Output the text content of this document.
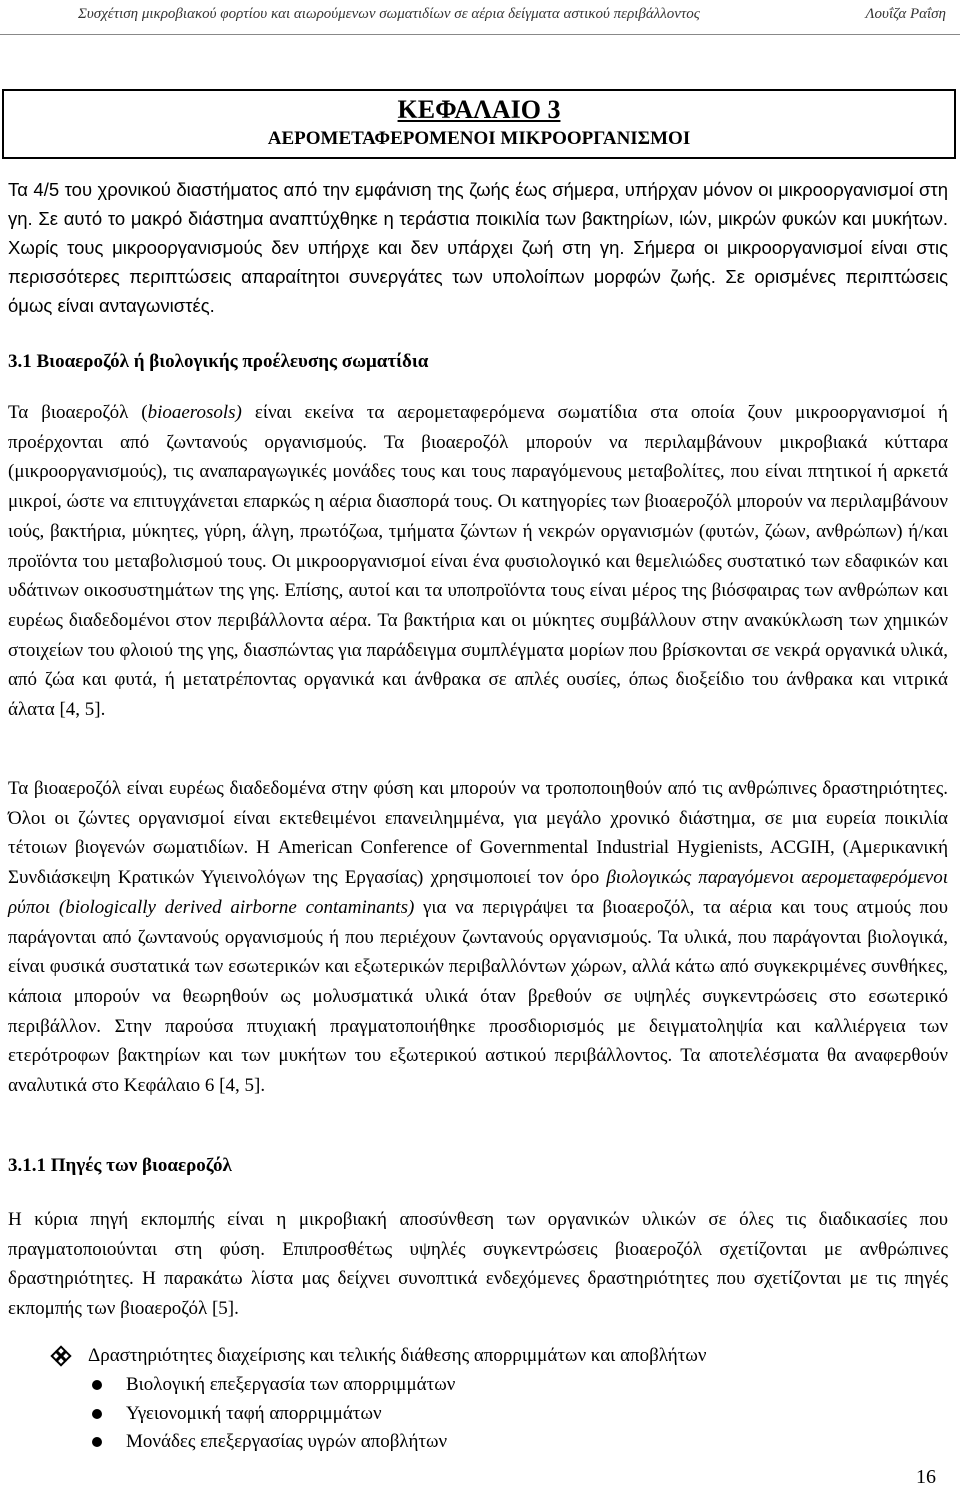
Συσχέτιση μικροβιακού φορτίου και αιωρούμενων σωματιδίων σε αέρια δείγματα αστικού περιβάλλοντος	Λουΐζα Ραΐση
ΚΕΦΑΛΑΙΟ 3
ΑΕΡΟΜΕΤΑΦΕΡΟΜΕΝΟΙ ΜΙΚΡΟΟΡΓΑΝΙΣΜΟΙ

Τα 4/5 του χρονικού διαστήματος από την εμφάνιση της ζωής έως σήμερα, υπήρχαν μόνον οι μικροοργανισμοί στη γη. Σε αυτό το μακρό διάστημα αναπτύχθηκε η τεράστια ποικιλία των βακτηρίων, ιών, μικρών φυκών και μυκήτων. Χωρίς τους μικροοργανισμούς δεν υπήρχε και δεν υπάρχει ζωή στη γη. Σήμερα οι μικροοργανισμοί είναι στις περισσότερες περιπτώσεις απαραίτητοι συνεργάτες των υπολοίπων μορφών ζωής. Σε ορισμένες περιπτώσεις όμως είναι ανταγωνιστές.

3.1 Βιοαεροζόλ ή βιολογικής προέλευσης σωματίδια

Τα βιοαεροζόλ (bioaerosols) είναι εκείνα τα αερομεταφερόμενα σωματίδια στα οποία ζουν μικροοργανισμοί ή προέρχονται από ζωντανούς οργανισμούς. Τα βιοαεροζόλ μπορούν να περιλαμβάνουν μικροβιακά κύτταρα (μικροοργανισμούς), τις αναπαραγωγικές μονάδες τους και τους παραγόμενους μεταβολίτες, που είναι πτητικοί ή αρκετά μικροί, ώστε να επιτυγχάνεται επαρκώς η αέρια διασπορά τους. Οι κατηγορίες των βιοαεροζόλ μπορούν να περιλαμβάνουν ιούς, βακτήρια, μύκητες, γύρη, άλγη, πρωτόζωα, τμήματα ζώντων ή νεκρών οργανισμών (φυτών, ζώων, ανθρώπων) ή/και προϊόντα του μεταβολισμού τους. Οι μικροοργανισμοί είναι ένα φυσιολογικό και θεμελιώδες συστατικό των εδαφικών και υδάτινων οικοσυστημάτων της γης. Επίσης, αυτοί και τα υποπροϊόντα τους είναι μέρος της βιόσφαιρας των ανθρώπων και ευρέως διαδεδομένοι στον περιβάλλοντα αέρα. Τα βακτήρια και οι μύκητες συμβάλλουν στην ανακύκλωση των χημικών στοιχείων του φλοιού της γης, διασπώντας για παράδειγμα συμπλέγματα μορίων που βρίσκονται σε νεκρά οργανικά υλικά, από ζώα και φυτά, ή μετατρέποντας οργανικά και άνθρακα σε απλές ουσίες, όπως διοξείδιο του άνθρακα και νιτρικά άλατα [4, 5].

Τα βιοαεροζόλ είναι ευρέως διαδεδομένα στην φύση και μπορούν να τροποποιηθούν από τις ανθρώπινες δραστηριότητες. Όλοι οι ζώντες οργανισμοί είναι εκτεθειμένοι επανειλημμένα, για μεγάλο χρονικό διάστημα, σε μια ευρεία ποικιλία τέτοιων βιογενών σωματιδίων. Η American Conference of Governmental Industrial Hygienists, ACGIH, (Αμερικανική Συνδιάσκεψη Κρατικών Υγιεινολόγων της Εργασίας) χρησιμοποιεί τον όρο βιολογικώς παραγόμενοι αερομεταφερόμενοι ρύποι (biologically derived airborne contaminants) για να περιγράψει τα βιοαεροζόλ, τα αέρια και τους ατμούς που παράγονται από ζωντανούς οργανισμούς ή που περιέχουν ζωντανούς οργανισμούς. Τα υλικά, που παράγονται βιολογικά, είναι φυσικά συστατικά των εσωτερικών και εξωτερικών περιβαλλόντων χώρων, αλλά κάτω από συγκεκριμένες συνθήκες, κάποια μπορούν να θεωρηθούν ως μολυσματικά υλικά όταν βρεθούν σε υψηλές συγκεντρώσεις στο εσωτερικό περιβάλλον. Στην παρούσα πτυχιακή πραγματοποιήθηκε προσδιορισμός με δειγματοληψία και καλλιέργεια των ετερότροφων βακτηρίων και των μυκήτων του εξωτερικού αστικού περιβάλλοντος. Τα αποτελέσματα θα αναφερθούν αναλυτικά στο Κεφάλαιο 6 [4, 5].

3.1.1 Πηγές των βιοαεροζόλ

Η κύρια πηγή εκπομπής είναι η μικροβιακή αποσύνθεση των οργανικών υλικών σε όλες τις διαδικασίες που πραγματοποιούνται στη φύση. Επιπροσθέτως υψηλές συγκεντρώσεις βιοαεροζόλ σχετίζονται με ανθρώπινες δραστηριότητες. Η παρακάτω λίστα μας δείχνει συνοπτικά ενδεχόμενες δραστηριότητες που σχετίζονται με τις πηγές εκπομπής των βιοαεροζόλ [5].

Δραστηριότητες διαχείρισης και τελικής διάθεσης απορριμμάτων και αποβλήτων
Βιολογική επεξεργασία των απορριμμάτων
Υγειονομική ταφή απορριμμάτων
Μονάδες επεξεργασίας υγρών αποβλήτων
16
